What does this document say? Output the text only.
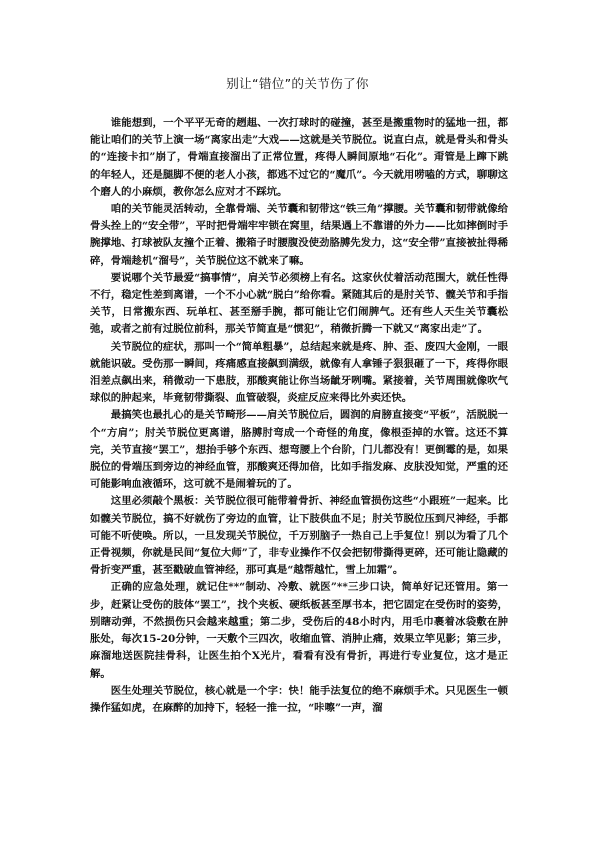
别让“错位”的关节伤了你

谁能想到，一个平平无奇的趔趄、一次打球时的碰撞，甚至是搬重物时的猛地一扭，都能让咱们的关节上演一场“离家出走”大戏——这就是关节脱位。说直白点，就是骨头和骨头的“连接卡扣”崩了，骨端直接溜出了正常位置，疼得人瞬间原地“石化”。甭管是上蹿下跳的年轻人，还是腿脚不便的老人小孩，都逃不过它的“魔爪”。今天就用唠嗑的方式，聊聊这个磨人的小麻烦，教你怎么应对才不踩坑。

咱的关节能灵活转动，全靠骨端、关节囊和韧带这“铁三角”撑腰。关节囊和韧带就像给骨头拴上的“安全带”，平时把骨端牢牢锁在窝里，结果遇上不靠谱的外力——比如摔倒时手腕撑地、打球被队友撞个正着、搬箱子时腰腹没使劲胳膊先发力，这“安全带”直接被扯得稀碎，骨端趁机“溜号”，关节脱位这不就来了嘛。

要说哪个关节最爱“搞事情”，肩关节必须榜上有名。这家伙仗着活动范围大，就任性得不行，稳定性差到离谱，一个不小心就“脱白”给你看。紧随其后的是肘关节、髋关节和手指关节，日常搬东西、玩单杠、甚至掰手腕，都可能让它们闹脾气。还有些人天生关节囊松弛，或者之前有过脱位前科，那关节简直是“惯犯”，稍微折腾一下就又“离家出走”了。

关节脱位的症状，那叫一个“简单粗暴”，总结起来就是疼、肿、歪、废四大金刚，一眼就能识破。受伤那一瞬间，疼痛感直接飙到满级，就像有人拿锤子狠狠砸了一下，疼得你眼泪差点飙出来，稍微动一下患肢，那酸爽能让你当场龇牙咧嘴。紧接着，关节周围就像吹气球似的肿起来，毕竟韧带撕裂、血管破裂，炎症反应来得比外卖还快。

最搞笑也最扎心的是关节畸形——肩关节脱位后，圆润的肩膀直接变“平板”，活脱脱一个“方肩”；肘关节脱位更离谱，胳膊肘弯成一个奇怪的角度，像根歪掉的水管。这还不算完，关节直接“罢工”，想抬手够个东西、想弯腰上个台阶，门儿都没有！更倒霉的是，如果脱位的骨端压到旁边的神经血管，那酸爽还得加倍，比如手指发麻、皮肤没知觉，严重的还可能影响血液循环，这可就不是闹着玩的了。

这里必须敲个黑板：关节脱位很可能带着骨折、神经血管损伤这些“小跟班”一起来。比如髋关节脱位，搞不好就伤了旁边的血管，让下肢供血不足；肘关节脱位压到尺神经，手都可能不听使唤。所以，一旦发现关节脱位，千万别脑子一热自己上手复位！别以为看了几个正骨视频，你就是民间“复位大师”了，非专业操作不仅会把韧带撕得更碎，还可能让隐藏的骨折变严重，甚至戳破血管神经，那可真是“越帮越忙，雪上加霜”。

正确的应急处理，就记住**“制动、冷敷、就医”**三步口诀，简单好记还管用。第一步，赶紧让受伤的肢体“罢工”，找个夹板、硬纸板甚至厚书本，把它固定在受伤时的姿势，别瞎动弹，不然损伤只会越来越重；第二步，受伤后的48小时内，用毛巾裹着冰袋敷在肿胀处，每次15-20分钟，一天敷个三四次，收缩血管、消肿止痛，效果立竿见影；第三步，麻溜地送医院挂骨科，让医生拍个X光片，看看有没有骨折，再进行专业复位，这才是正解。

医生处理关节脱位，核心就是一个字：快！能手法复位的绝不麻烦手术。只见医生一顿操作猛如虎，在麻醉的加持下，轻轻一推一拉，“咔嚓”一声，溜
